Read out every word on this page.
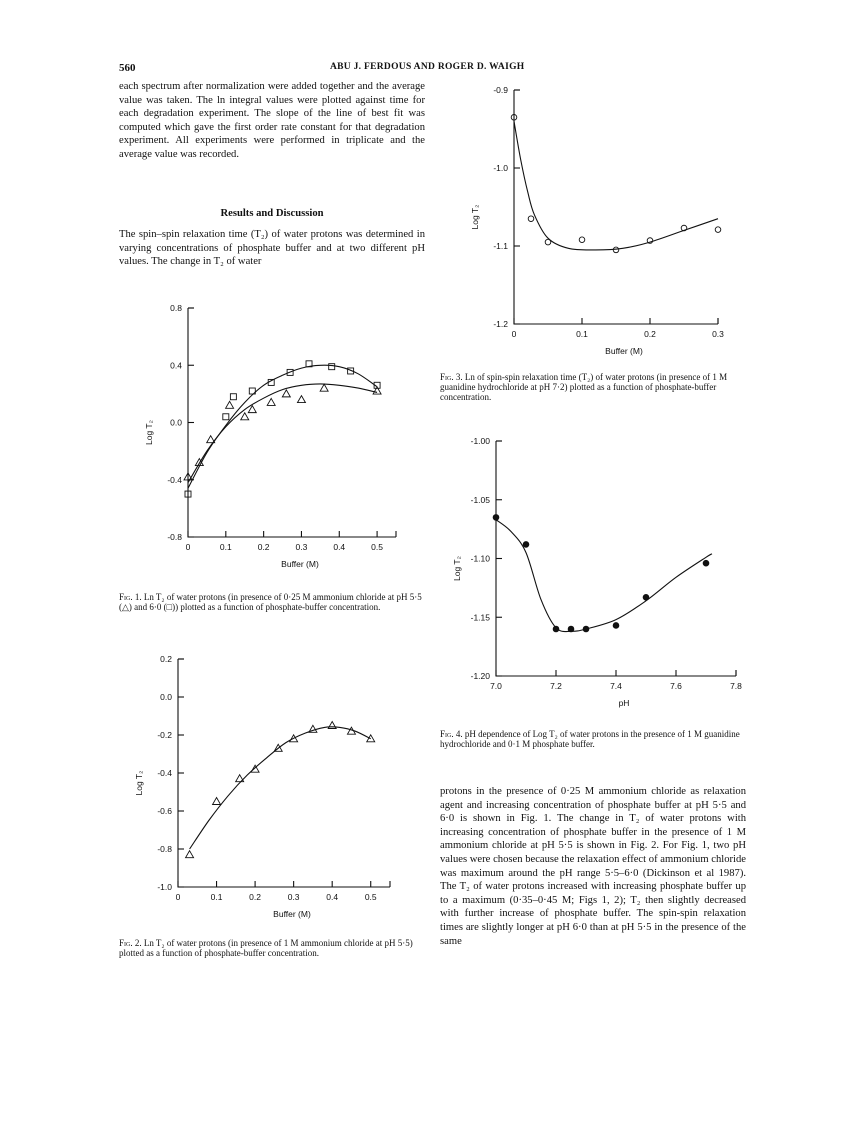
560	ABU J. FERDOUS AND ROGER D. WAIGH

each spectrum after normalization were added together and the average value was taken. The ln integral values were plotted against time for each degradation experiment. The slope of the line of best fit was computed which gave the first order rate constant for that degradation experiment. All experiments were performed in triplicate and the average value was recorded.

Results and Discussion

The spin–spin relaxation time (T₂) of water protons was determined in varying concentrations of phosphate buffer and at two different pH values. The change in T₂ of water

0.8
0.4
0.0
-0.4
-0.8
0	0.1	0.2	0.3	0.4	0.5
Buffer (M)
Log T₂

Fig. 1. Ln T₂ of water protons (in presence of 0·25 M ammonium chloride at pH 5·5 (△) and 6·0 (□)) plotted as a function of phosphate-buffer concentration.

0.2
0.0
-0.2
-0.4
-0.6
-0.8
-1.0
0	0.1	0.2	0.3	0.4	0.5
Buffer (M)
Log T₂

Fig. 2. Ln T₂ of water protons (in presence of 1 M ammonium chloride at pH 5·5) plotted as a function of phosphate-buffer concentration.

-0.9
-1.0
-1.1
-1.2
0	0.1	0.2	0.3
Buffer (M)
Log T₂

Fig. 3. Ln of spin-spin relaxation time (T₂) of water protons (in presence of 1 M guanidine hydrochloride at pH 7·2) plotted as a function of phosphate-buffer concentration.

-1.00
-1.05
-1.10
-1.15
-1.20
7.0	7.2	7.4	7.6	7.8
pH
Log T₂

Fig. 4. pH dependence of Log T₂ of water protons in the presence of 1 M guanidine hydrochloride and 0·1 M phosphate buffer.

protons in the presence of 0·25 M ammonium chloride as relaxation agent and increasing concentration of phosphate buffer at pH 5·5 and 6·0 is shown in Fig. 1. The change in T₂ of water protons with increasing concentration of phosphate buffer in the presence of 1 M ammonium chloride at pH 5·5 is shown in Fig. 2. For Fig. 1, two pH values were chosen because the relaxation effect of ammonium chloride was maximum around the pH range 5·5–6·0 (Dickinson et al 1987). The T₂ of water protons increased with increasing phosphate buffer up to a maximum (0·35–0·45 M; Figs 1, 2); T₂ then slightly decreased with further increase of phosphate buffer. The spin-spin relaxation times are slightly longer at pH 6·0 than at pH 5·5 in the presence of the same
